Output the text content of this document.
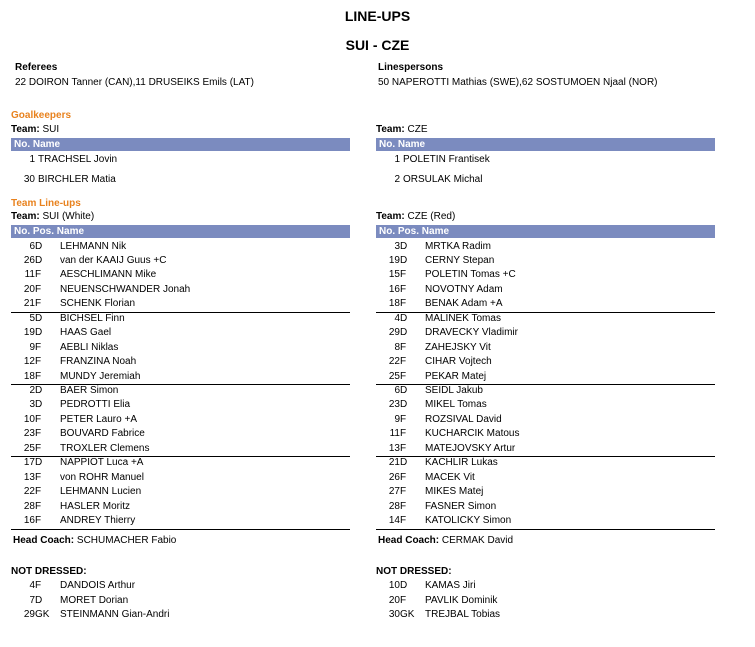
LINE-UPS
SUI - CZE
Referees
22 DOIRON Tanner (CAN),11 DRUSEIKS Emils (LAT)
Linespersons
50 NAPEROTTI Mathias (SWE),62 SOSTUMOEN Njaal (NOR)
Goalkeepers
Team: SUI
No. Name
1 TRACHSEL Jovin
30 BIRCHLER Matia
Team: CZE
No. Name
1 POLETIN Frantisek
2 ORSULAK Michal
Team Line-ups
Team: SUI (White)
No. Pos. Name
6 D LEHMANN Nik
26 D van der KAAIJ Guus +C
11 F AESCHLIMANN Mike
20 F NEUENSCHWANDER Jonah
21 F SCHENK Florian
5 D BICHSEL Finn
19 D HAAS Gael
9 F AEBLI Niklas
12 F FRANZINA Noah
18 F MUNDY Jeremiah
2 D BAER Simon
3 D PEDROTTI Elia
10 F PETER Lauro +A
23 F BOUVARD Fabrice
25 F TROXLER Clemens
17 D NAPPIOT Luca +A
13 F von ROHR Manuel
22 F LEHMANN Lucien
28 F HASLER Moritz
16 F ANDREY Thierry
Team: CZE (Red)
No. Pos. Name
3 D MRTKA Radim
19 D CERNY Stepan
15 F POLETIN Tomas +C
16 F NOVOTNY Adam
18 F BENAK Adam +A
4 D MALINEK Tomas
29 D DRAVECKY Vladimir
8 F ZAHEJSKY Vit
22 F CIHAR Vojtech
25 F PEKAR Matej
6 D SEIDL Jakub
23 D MIKEL Tomas
9 F ROZSIVAL David
11 F KUCHARCIK Matous
13 F MATEJOVSKY Artur
21 D KACHLIR Lukas
26 F MACEK Vit
27 F MIKES Matej
28 F FASNER Simon
14 F KATOLICKY Simon
Head Coach: SCHUMACHER Fabio	Head Coach: CERMAK David
NOT DRESSED:	NOT DRESSED:
4 F DANDOIS Arthur
7 D MORET Dorian
29 GK STEINMANN Gian-Andri
10 D KAMAS Jiri
20 F PAVLIK Dominik
30 GK TREJBAL Tobias
